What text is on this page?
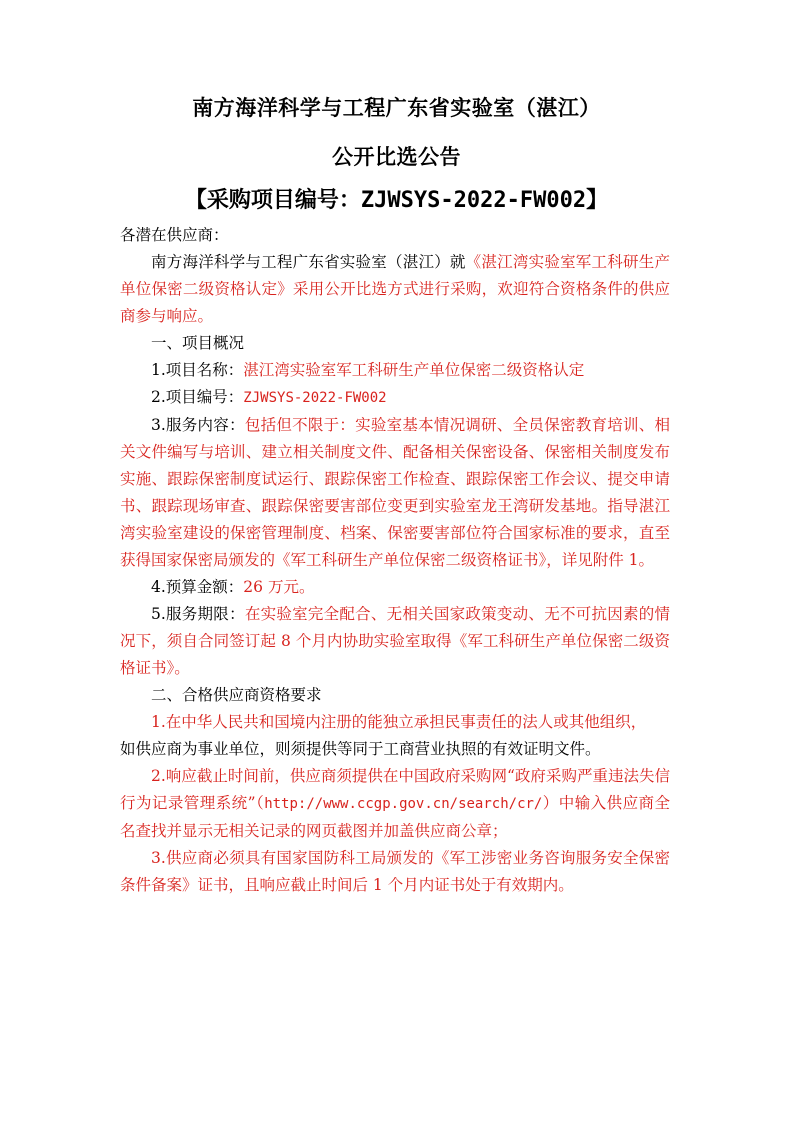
南方海洋科学与工程广东省实验室（湛江）
公开比选公告
【采购项目编号：ZJWSYS-2022-FW002】

各潜在供应商：

南方海洋科学与工程广东省实验室（湛江）就《湛江湾实验室军工科研生产单位保密二级资格认定》采用公开比选方式进行采购，欢迎符合资格条件的供应商参与响应。

一、项目概况

1.项目名称：湛江湾实验室军工科研生产单位保密二级资格认定

2.项目编号：ZJWSYS-2022-FW002

3.服务内容：包括但不限于：实验室基本情况调研、全员保密教育培训、相关文件编写与培训、建立相关制度文件、配备相关保密设备、保密相关制度发布实施、跟踪保密制度试运行、跟踪保密工作检查、跟踪保密工作会议、提交申请书、跟踪现场审查、跟踪保密要害部位变更到实验室龙王湾研发基地。指导湛江湾实验室建设的保密管理制度、档案、保密要害部位符合国家标准的要求，直至获得国家保密局颁发的《军工科研生产单位保密二级资格证书》，详见附件 1。

4.预算金额：26 万元。

5.服务期限：在实验室完全配合、无相关国家政策变动、无不可抗因素的情况下，须自合同签订起 8 个月内协助实验室取得《军工科研生产单位保密二级资格证书》。

二、合格供应商资格要求

1.在中华人民共和国境内注册的能独立承担民事责任的法人或其他组织，

如供应商为事业单位，则须提供等同于工商营业执照的有效证明文件。

2.响应截止时间前，供应商须提供在中国政府采购网“政府采购严重违法失信行为记录管理系统”（http://www.ccgp.gov.cn/search/cr/）中输入供应商全名查找并显示无相关记录的网页截图并加盖供应商公章；

3.供应商必须具有国家国防科工局颁发的《军工涉密业务咨询服务安全保密条件备案》证书，且响应截止时间后 1 个月内证书处于有效期内。
